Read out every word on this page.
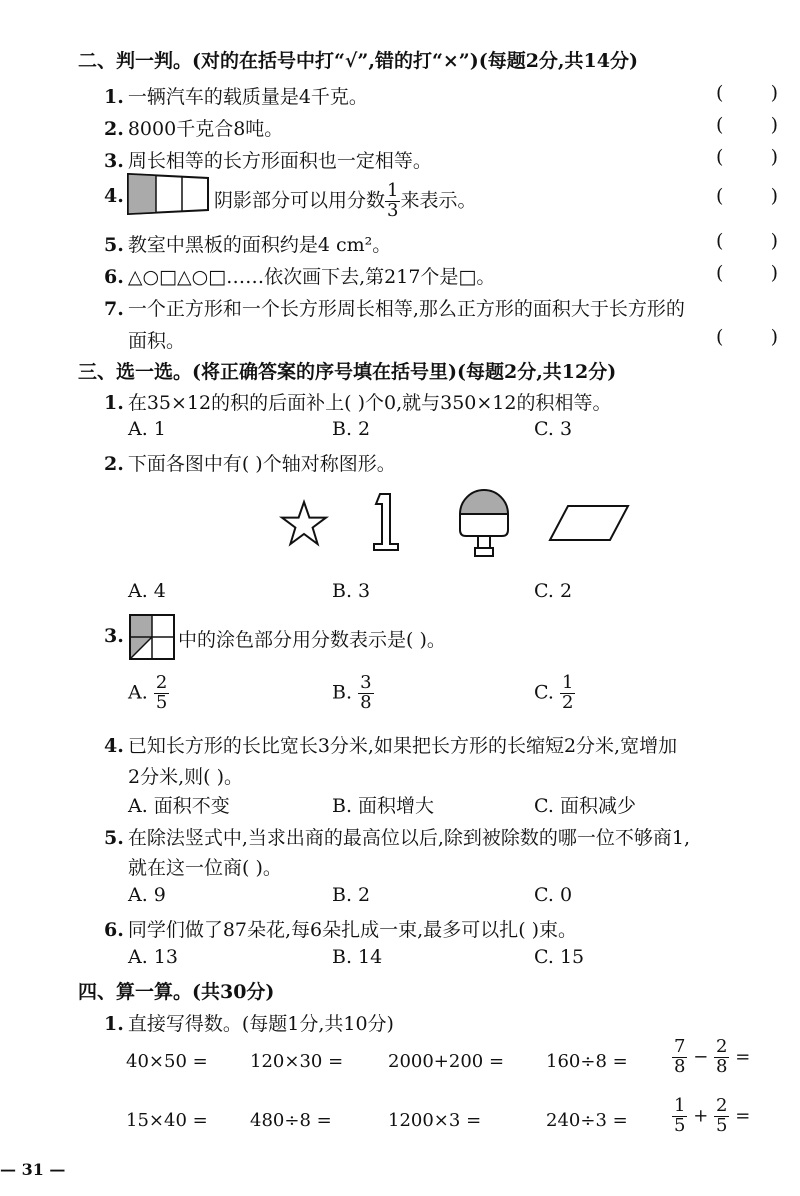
二、判一判。(对的在括号中打“√”,错的打“×”)(每题2分,共14分)
1. 一辆汽车的载质量是4千克。	( )
2. 8000千克合8吨。	( )
3. 周长相等的长方形面积也一定相等。	( )
4.	阴影部分可以用分数 $\frac{1}{3}$ 来表示。	( )
5. 教室中黑板的面积约是4 cm²。	( )
6. △○□△○□……依次画下去,第217个是□。	( )
7. 一个正方形和一个长方形周长相等,那么正方形的面积大于长方形的
面积。	( )
三、选一选。(将正确答案的序号填在括号里)(每题2分,共12分)
1. 在35×12的积的后面补上( )个0,就与350×12的积相等。
A. 1	B. 2	C. 3
2. 下面各图中有( )个轴对称图形。
A. 4	B. 3	C. 2
3.	中的涂色部分用分数表示是( )。
A. $\frac{2}{5}$	B. $\frac{3}{8}$	C. $\frac{1}{2}$
4. 已知长方形的长比宽长3分米,如果把长方形的长缩短2分米,宽增加
2分米,则( )。
A. 面积不变	B. 面积增大	C. 面积减少
5. 在除法竖式中,当求出商的最高位以后,除到被除数的哪一位不够商1,
就在这一位商( )。
A. 9	B. 2	C. 0
6. 同学们做了87朵花,每6朵扎成一束,最多可以扎( )束。
A. 13	B. 14	C. 15
四、算一算。(共30分)
1. 直接写得数。(每题1分,共10分)
$40\times 50 = 120\times 30 = 2000+200 = 160\div 8 = \frac{7}{8} - \frac{2}{8}$ =
15×40 = 480÷8 =	1200×3 =	$240\div 3 = \frac{1}{5} + \frac{2}{5}$ =
— 31 —
